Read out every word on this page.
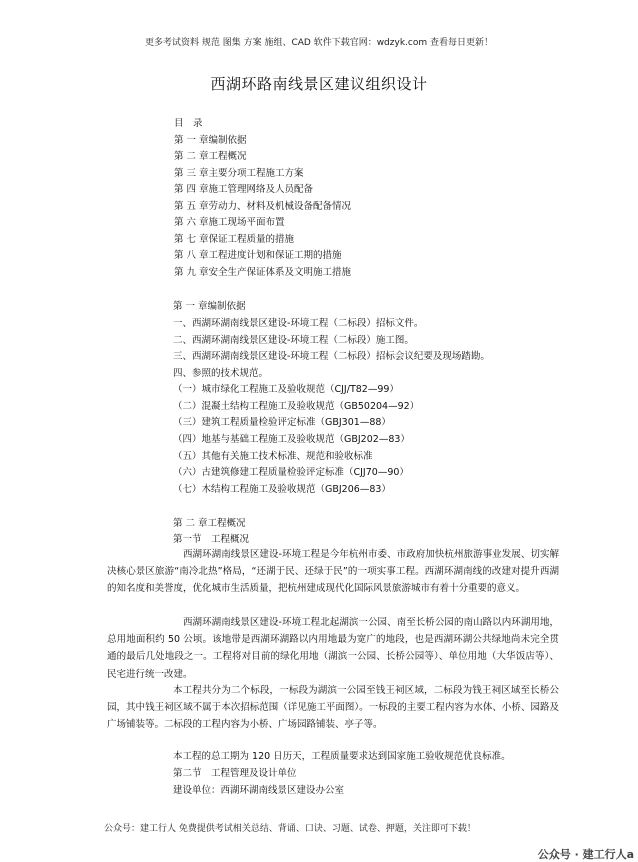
更多考试资料 规范 图集 方案 施组、CAD 软件下载官网：wdzyk.com 查看每日更新！
西湖环路南线景区建议组织设计
目　录
第 一 章编制依据
第 二 章工程概况
第 三 章主要分项工程施工方案
第 四 章施工管理网络及人员配备
第 五 章劳动力、材料及机械设备配备情况
第 六 章施工现场平面布置
第 七 章保证工程质量的措施
第 八 章工程进度计划和保证工期的措施
第 九 章安全生产保证体系及文明施工措施
第 一 章编制依据
一、西湖环湖南线景区建设-环境工程（二标段）招标文件。
二、西湖环湖南线景区建设-环境工程（二标段）施工图。
三、西湖环湖南线景区建设-环境工程（二标段）招标会议纪要及现场踏勘。
四、参照的技术规范。
（一）城市绿化工程施工及验收规范（CJJ/T82—99）
（二）混凝土结构工程施工及验收规范（GB50204—92）
（三）建筑工程质量检验评定标准（GBJ301—88）
（四）地基与基础工程施工及验收规范（GBJ202—83）
（五）其他有关施工技术标准、规范和验收标准
（六）古建筑修建工程质量检验评定标准（CJJ70—90）
（七）木结构工程施工及验收规范（GBJ206—83）
第 二 章工程概况
第一节　工程概况
西湖环湖南线景区建设-环境工程是今年杭州市委、市政府加快杭州旅游事业发展、切实解决核心景区旅游“南冷北热”格局，“还湖于民、还绿于民”的一项实事工程。西湖环湖南线的改建对提升西湖的知名度和美誉度，优化城市生活质量，把杭州建成现代化国际风景旅游城市有着十分重要的意义。
西湖环湖南线景区建设-环境工程北起湖滨一公园、南至长桥公园的南山路以内环湖用地，总用地面积约 50 公顷。该地带是西湖环湖路以内用地最为宽广的地段，也是西湖环湖公共绿地尚未完全贯通的最后几处地段之一。工程将对目前的绿化用地（湖滨一公园、长桥公园等）、单位用地（大华饭店等）、民宅进行统一改建。
本工程共分为二个标段，一标段为湖滨一公园至钱王祠区域，二标段为钱王祠区域至长桥公园，其中钱王祠区域不属于本次招标范围（详见施工平面图）。一标段的主要工程内容为水体、小桥、园路及广场铺装等。二标段的工程内容为小桥、广场园路铺装、亭子等。
本工程的总工期为 120 日历天，工程质量要求达到国家施工验收规范优良标准。
第二节　工程管理及设计单位
建设单位：西湖环湖南线景区建设办公室
公众号：建工行人 免费提供考试相关总结、背诵、口诀、习题、试卷、押题，关注即可下载！
公众号 · 建工行人a
